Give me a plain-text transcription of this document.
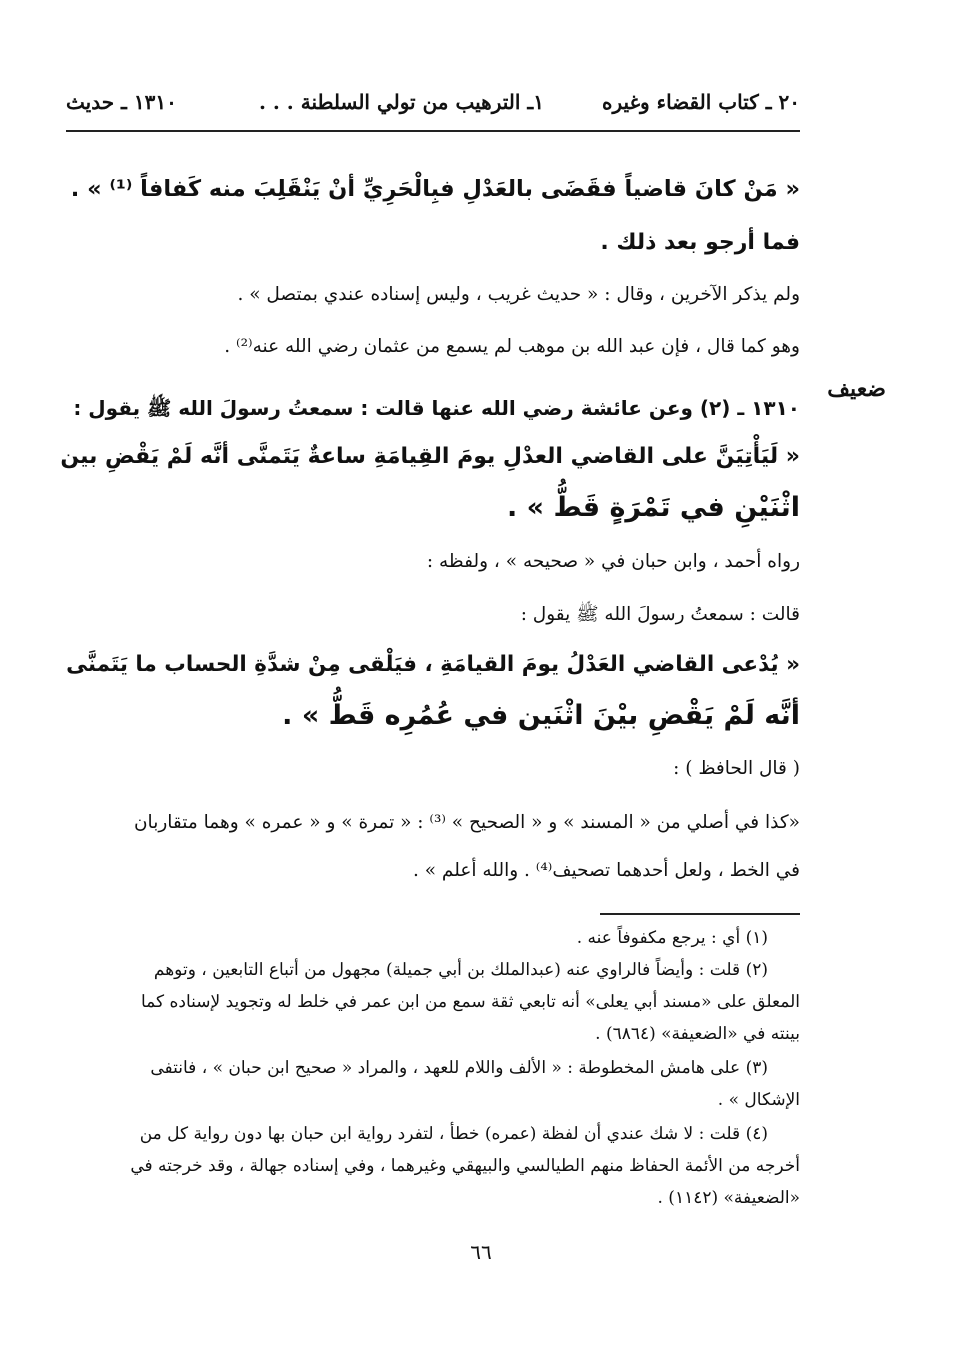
٢٠ ـ كتاب القضاء وغيره
١ـ الترهيب من تولي السلطنة . . .
١٣١٠ ـ حديث
« مَنْ كانَ قاضياً فقَضَى بالعَدْلِ فبِالْحَرِيِّ أنْ يَنْقَلِبَ منه كَفافاً ⁽¹⁾ » .
فما أرجو بعد ذلك .
ولم يذكر الآخرين ، وقال : « حديث غريب ، وليس إسناده عندي بمتصل » .
وهو كما قال ، فإن عبد الله بن موهب لم يسمع من عثمان رضي الله عنه⁽²⁾ .
ضعيف
١٣١٠ ـ (٢) وعن عائشة رضي الله عنها قالت : سمعتُ رسولَ الله ﷺ يقول :
« لَيَأْتِيَنَّ على القاضي العدْلِ يومَ القِيامَةِ ساعةٌ يَتَمنَّى أنَّه لَمْ يَقْضِ بين
اثْنَيْنِ في تَمْرَةٍ قَطُّ » .
رواه أحمد ، وابن حبان في « صحيحه » ، ولفظه :
قالت : سمعتُ رسولَ الله ﷺ يقول :
« يُدْعى القاضي العَدْلُ يومَ القيامَةِ ، فيَلْقى مِنْ شدَّةِ الحساب ما يَتَمنَّى
أنَّه لَمْ يَقْضِ بيْنَ اثْنَين في عُمُرِه قَطُّ » .
( قال الحافظ ) :
«كذا في أصلي من « المسند » و « الصحيح » ⁽³⁾ : « تمرة » و « عمره » وهما متقاربان
في الخط ، ولعل أحدهما تصحيف⁽⁴⁾ . والله أعلم » .
(١) أي : يرجع مكفوفاً عنه .
(٢) قلت : وأيضاً فالراوي عنه (عبدالملك بن أبي جميلة) مجهول من أتباع التابعين ، وتوهم
المعلق على «مسند أبي يعلى» أنه تابعي ثقة سمع من ابن عمر في خلط له وتجويد لإسناده كما
بينته في «الضعيفة» (٦٨٦٤) .
(٣) على هامش المخطوطة : « الألف واللام للعهد ، والمراد « صحيح ابن حبان » ، فانتفى
الإشكال » .
(٤) قلت : لا شك عندي أن لفظة (عمره) خطأ ، لتفرد رواية ابن حبان بها دون رواية كل من
أخرجه من الأئمة الحفاظ منهم الطيالسي والبيهقي وغيرهما ، وفي إسناده جهالة ، وقد خرجته في
«الضعيفة» (١١٤٢) .
٦٦
